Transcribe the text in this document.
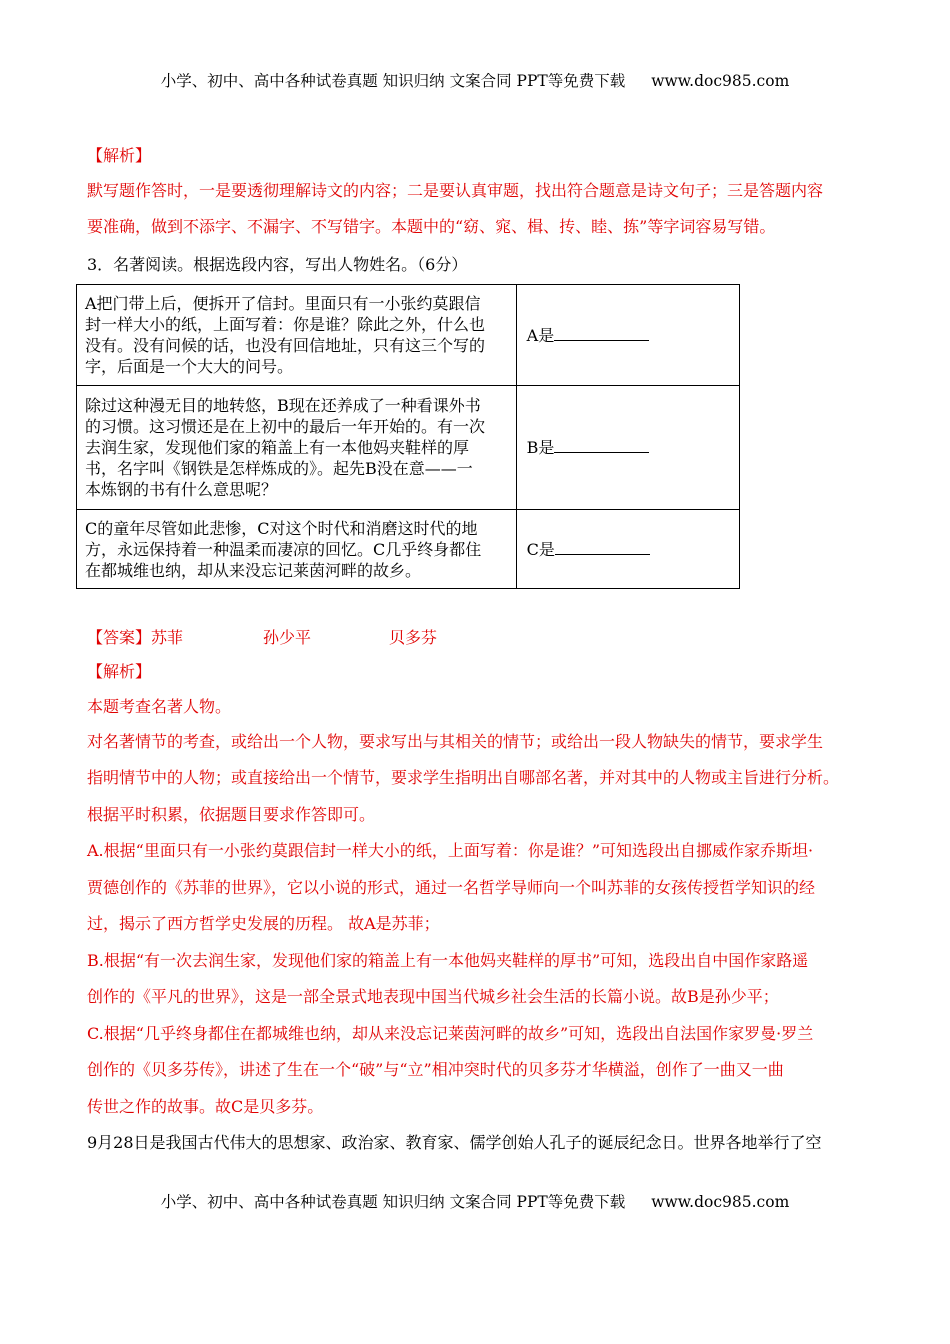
小学、初中、高中各种试卷真题 知识归纳 文案合同 PPT等免费下载 www.doc985.com
【解析】
默写题作答时，一是要透彻理解诗文的内容；二是要认真审题，找出符合题意是诗文句子；三是答题内容
要准确，做到不添字、不漏字、不写错字。本题中的“窈、窕、楫、抟、睦、拣”等字词容易写错。
3．名著阅读。根据选段内容，写出人物姓名。（6分）
A把门带上后，便拆开了信封。里面只有一小张约莫跟信
封一样大小的纸，上面写着：你是谁？除此之外，什么也
没有。没有问候的话，也没有回信地址，只有这三个写的
字，后面是一个大大的问号。	A是

除过这种漫无目的地转悠，B现在还养成了一种看课外书
的习惯。这习惯还是在上初中的最后一年开始的。有一次
去润生家，发现他们家的箱盖上有一本他妈夹鞋样的厚
书，名字叫《钢铁是怎样炼成的》。起先B没在意——一
本炼钢的书有什么意思呢？	B是

C的童年尽管如此悲惨，C对这个时代和消磨这时代的地
方，永远保持着一种温柔而凄凉的回忆。C几乎终身都住
在都城维也纳，却从来没忘记莱茵河畔的故乡。	C是
【答案】苏菲	孙少平	贝多芬
【解析】
本题考查名著人物。
对名著情节的考查，或给出一个人物，要求写出与其相关的情节；或给出一段人物缺失的情节，要求学生
指明情节中的人物；或直接给出一个情节，要求学生指明出自哪部名著，并对其中的人物或主旨进行分析。
根据平时积累，依据题目要求作答即可。
A.根据“里面只有一小张约莫跟信封一样大小的纸，上面写着：你是谁？”可知选段出自挪威作家乔斯坦·
贾德创作的《苏菲的世界》，它以小说的形式，通过一名哲学导师向一个叫苏菲的女孩传授哲学知识的经
过，揭示了西方哲学史发展的历程。 故A是苏菲；
B.根据“有一次去润生家，发现他们家的箱盖上有一本他妈夹鞋样的厚书”可知，选段出自中国作家路遥
创作的《平凡的世界》，这是一部全景式地表现中国当代城乡社会生活的长篇小说。故B是孙少平；
C.根据“几乎终身都住在都城维也纳，却从来没忘记莱茵河畔的故乡”可知，选段出自法国作家罗曼·罗兰
创作的《贝多芬传》，讲述了生在一个“破”与“立”相冲突时代的贝多芬才华横溢，创作了一曲又一曲
传世之作的故事。故C是贝多芬。
9月28日是我国古代伟大的思想家、政治家、教育家、儒学创始人孔子的诞辰纪念日。世界各地举行了空
小学、初中、高中各种试卷真题 知识归纳 文案合同 PPT等免费下载 www.doc985.com
